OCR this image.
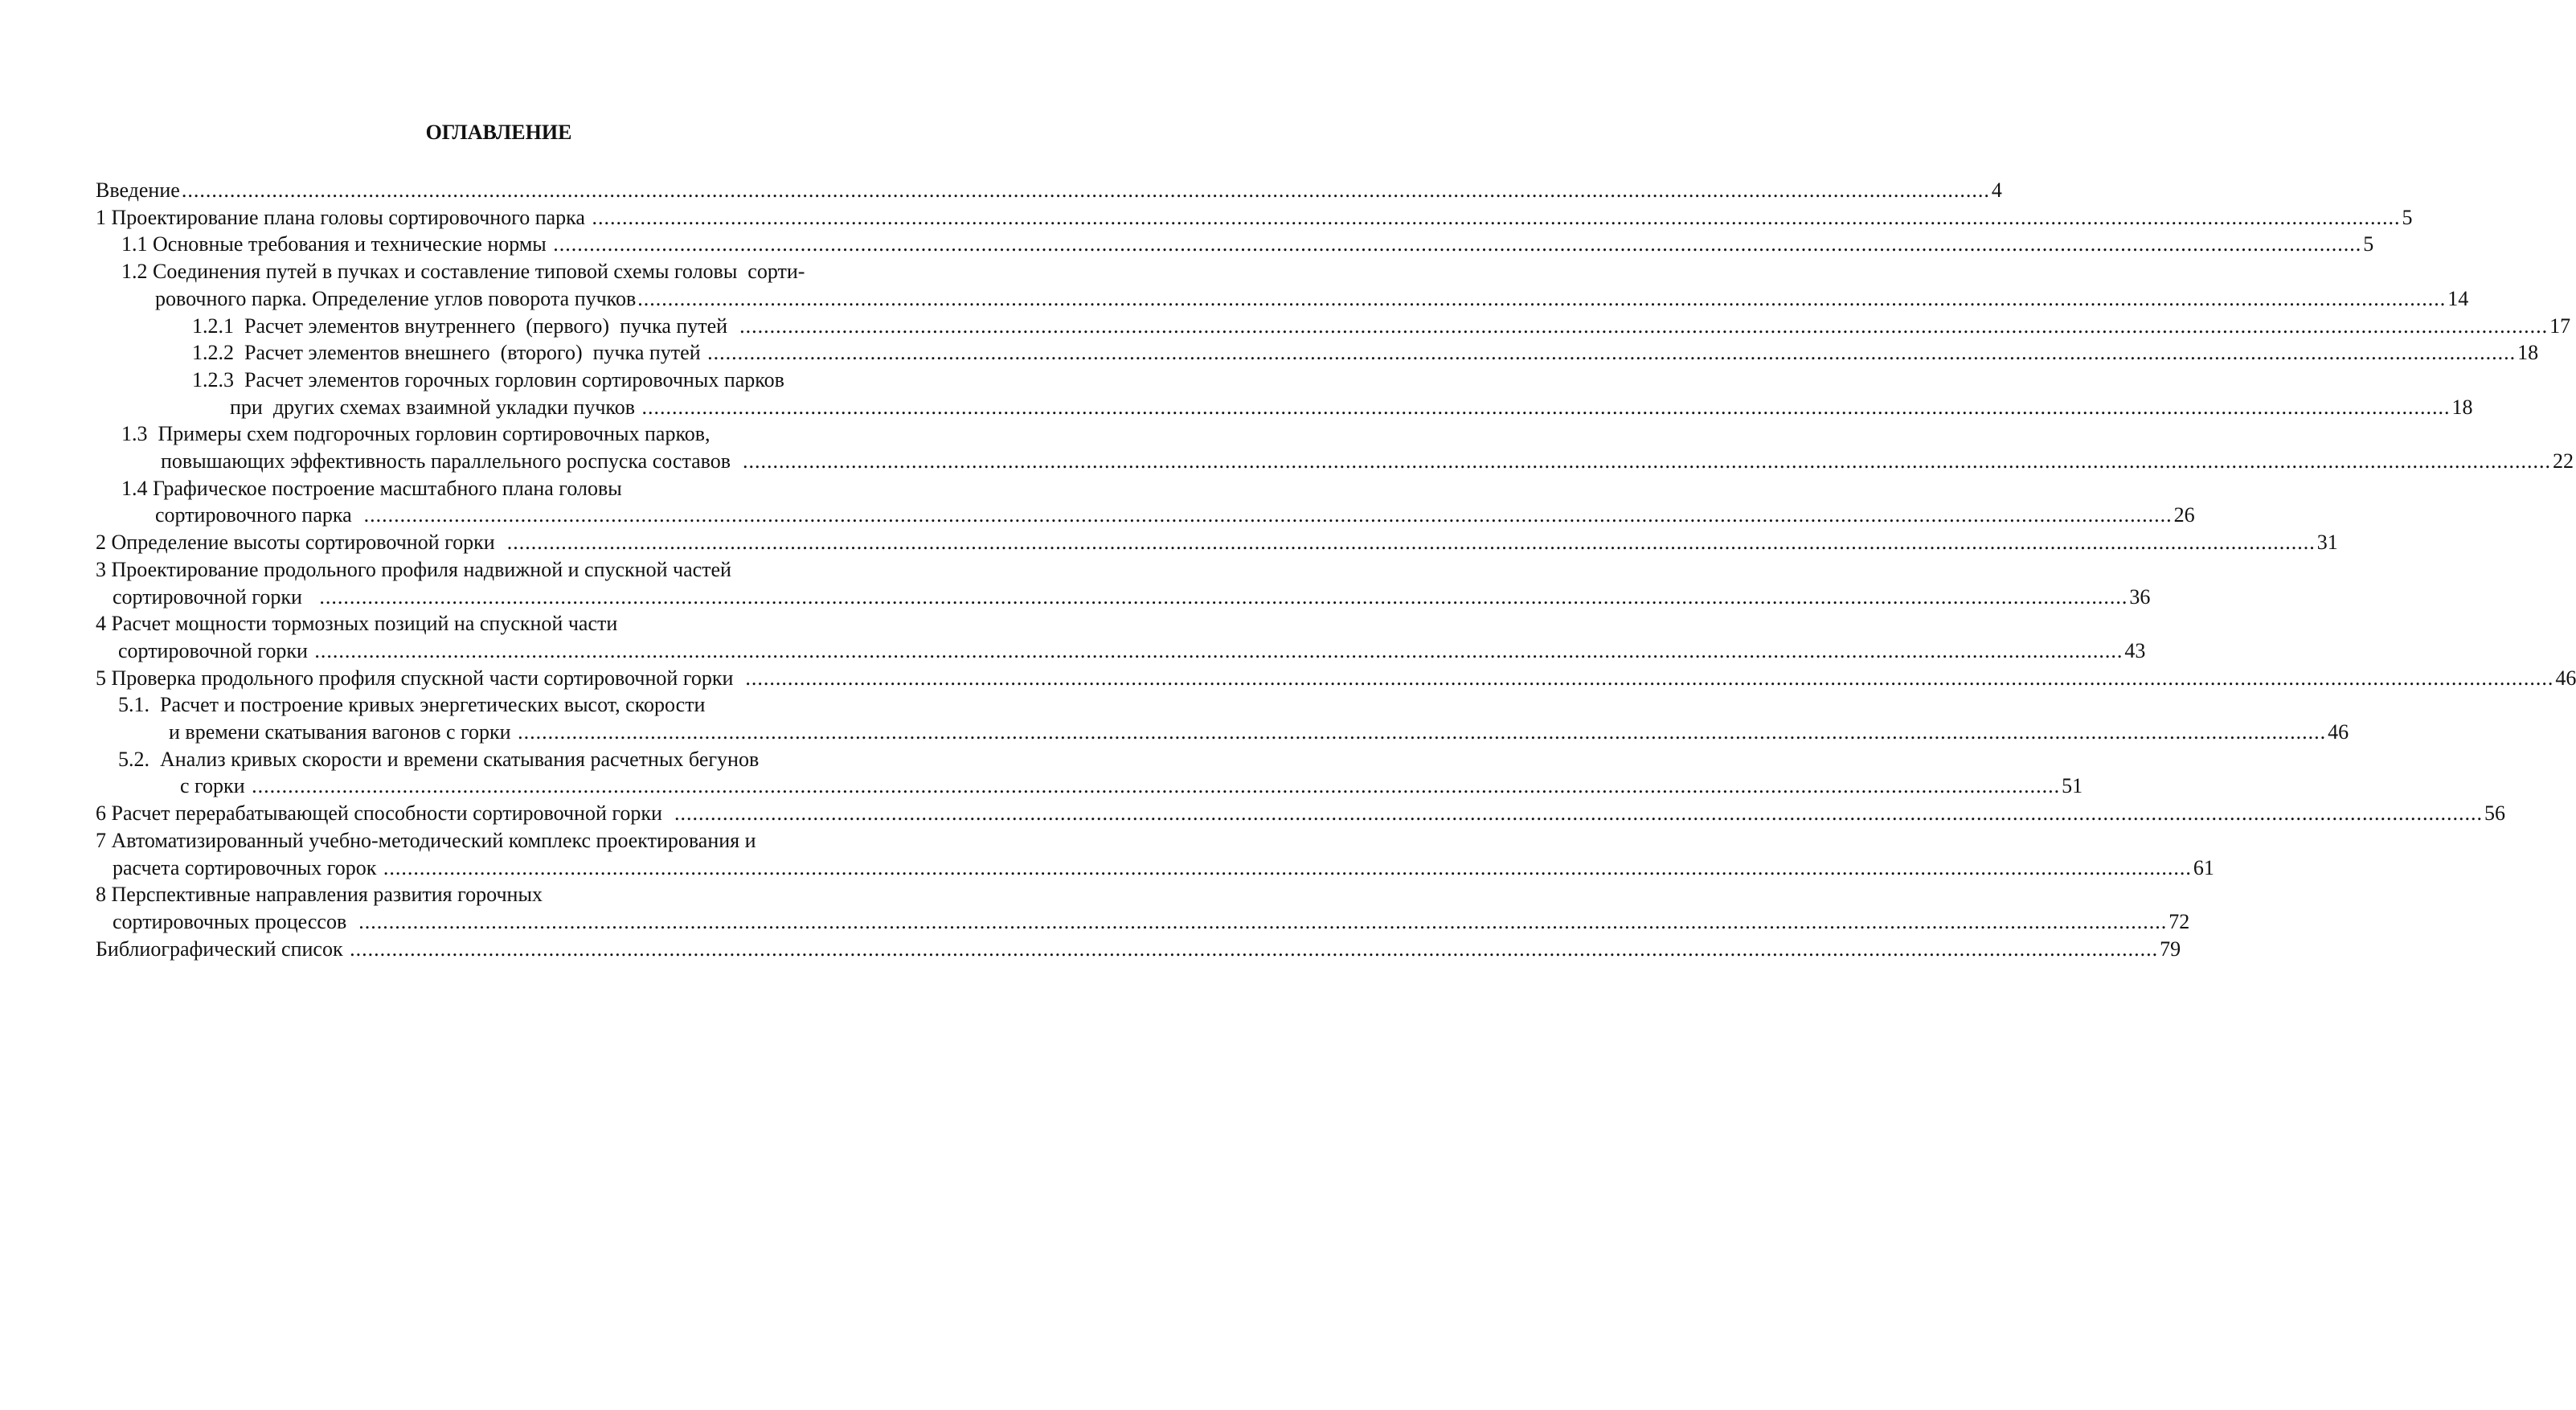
ОГЛАВЛЕНИЕ
Введение ............................................................................................................................................................................................................................................................................................................ 4
1 Проектирование плана головы сортировочного парка ............................................................................................................................................................................................................................................................................................................ 5
1.1 Основные требования и технические нормы ............................................................................................................................................................................................................................................................................................................ 5
1.2 Соединения путей в пучках и составление типовой схемы головы  сорти-
ровочного парка. Определение углов поворота пучков ............................................................................................................................................................................................................................................................................................................ 14
1.2.1  Расчет элементов внутреннего  (первого)  пучка путей ............................................................................................................................................................................................................................................................................................................ 17
1.2.2  Расчет элементов внешнего  (второго)  пучка путей ............................................................................................................................................................................................................................................................................................................ 18
1.2.3  Расчет элементов горочных горловин сортировочных парков
при  других схемах взаимной укладки пучков ............................................................................................................................................................................................................................................................................................................ 18
1.3  Примеры схем подгорочных горловин сортировочных парков,
повышающих эффективность параллельного роспуска составов ............................................................................................................................................................................................................................................................................................................ 22
1.4 Графическое построение масштабного плана головы
сортировочного парка ............................................................................................................................................................................................................................................................................................................ 26
2 Определение высоты сортировочной горки ............................................................................................................................................................................................................................................................................................................ 31
3 Проектирование продольного профиля надвижной и спускной частей
сортировочной горки ............................................................................................................................................................................................................................................................................................................ 36
4 Расчет мощности тормозных позиций на спускной части
сортировочной горки ............................................................................................................................................................................................................................................................................................................ 43
5 Проверка продольного профиля спускной части сортировочной горки ............................................................................................................................................................................................................................................................................................................ 46
5.1.  Расчет и построение кривых энергетических высот, скорости
и времени скатывания вагонов с горки ............................................................................................................................................................................................................................................................................................................ 46
5.2.  Анализ кривых скорости и времени скатывания расчетных бегунов
с горки ............................................................................................................................................................................................................................................................................................................ 51
6 Расчет перерабатывающей способности сортировочной горки ............................................................................................................................................................................................................................................................................................................ 56
7 Автоматизированный учебно-методический комплекс проектирования и
расчета сортировочных горок ............................................................................................................................................................................................................................................................................................................ 61
8 Перспективные направления развития горочных
сортировочных процессов ............................................................................................................................................................................................................................................................................................................ 72
Библиографический список ............................................................................................................................................................................................................................................................................................................ 79
